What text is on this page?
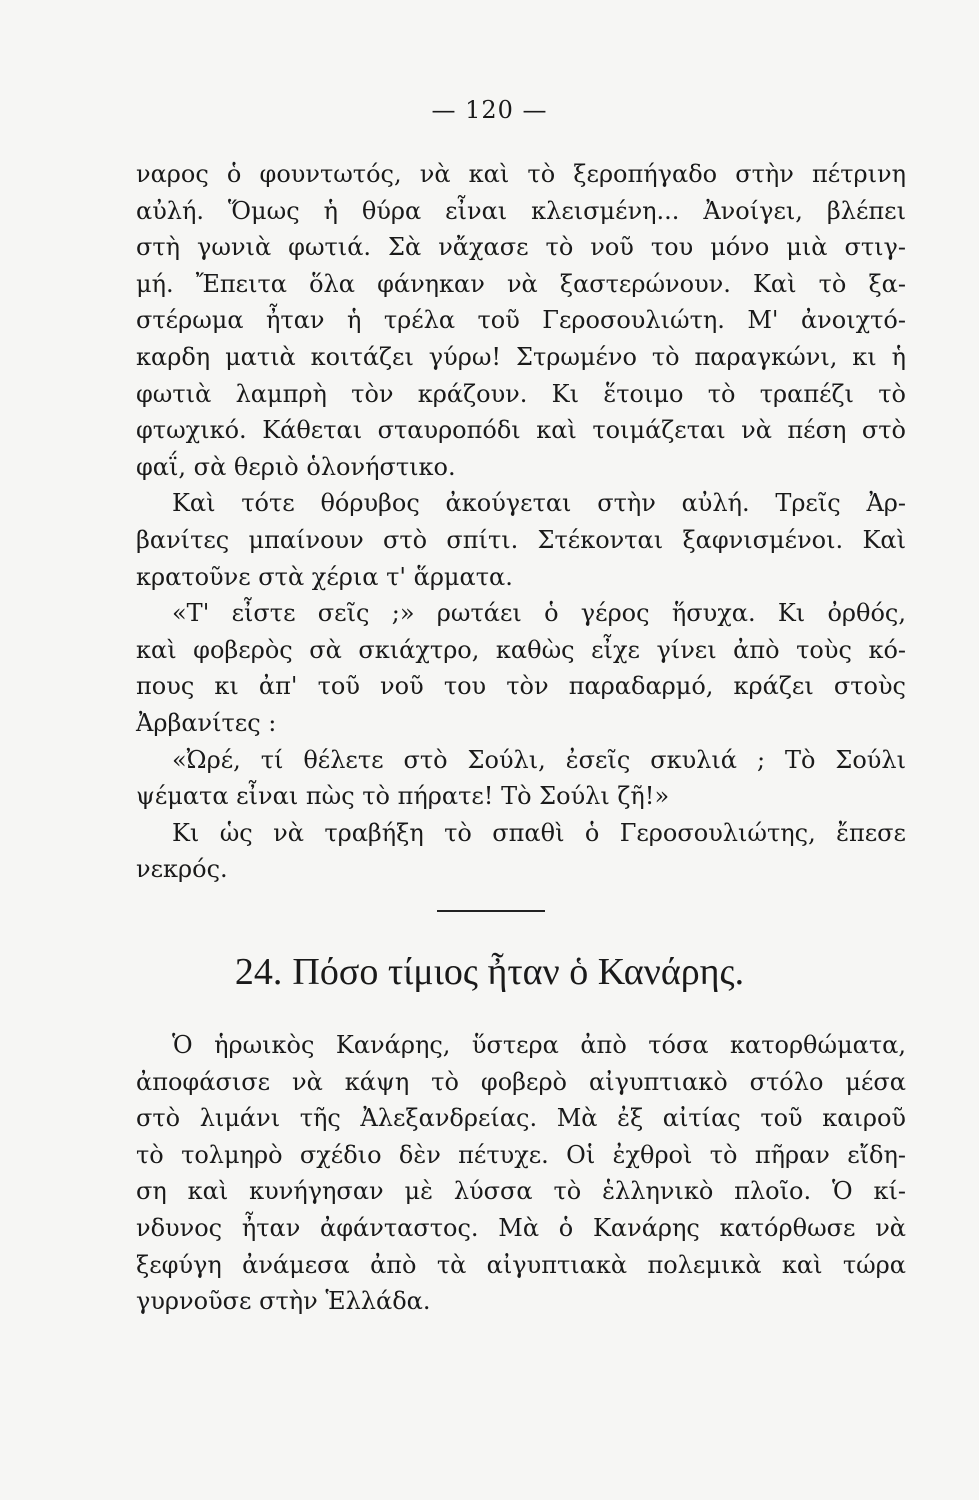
— 120 —
ναρος ὁ φουντωτός, νὰ καὶ τὸ ξεροπήγαδο στὴν πέτρινη
αὐλή. Ὅμως ἡ θύρα εἶναι κλεισμένη... Ἀνοίγει, βλέπει
στὴ γωνιὰ φωτιά. Σὰ νἄχασε τὸ νοῦ του μόνο μιὰ στιγ-
μή. Ἔπειτα ὅλα φάνηκαν νὰ ξαστερώνουν. Καὶ τὸ ξα-
στέρωμα ἦταν ἡ τρέλα τοῦ Γεροσουλιώτη. Μ' ἀνοιχτό-
καρδη ματιὰ κοιτάζει γύρω! Στρωμένο τὸ παραγκώνι, κι ἡ
φωτιὰ λαμπρὴ τὸν κράζουν. Κι ἕτοιμο τὸ τραπέζι τὸ
φτωχικό. Κάθεται σταυροπόδι καὶ τοιμάζεται νὰ πέση στὸ
φαΐ, σὰ θεριὸ ὁλονήστικο.
Καὶ τότε θόρυβος ἀκούγεται στὴν αὐλή. Τρεῖς Ἀρ-
βανίτες μπαίνουν στὸ σπίτι. Στέκονται ξαφνισμένοι. Καὶ
κρατοῦνε στὰ χέρια τ' ἅρματα.
«Τ' εἶστε σεῖς ;» ρωτάει ὁ γέρος ἥσυχα. Κι ὀρθός,
καὶ φοβερὸς σὰ σκιάχτρο, καθὼς εἶχε γίνει ἀπὸ τοὺς κό-
πους κι ἀπ' τοῦ νοῦ του τὸν παραδαρμό, κράζει στοὺς
Ἀρβανίτες :
«Ὠρέ, τί θέλετε στὸ Σούλι, ἐσεῖς σκυλιά ; Τὸ Σούλι
ψέματα εἶναι πὼς τὸ πήρατε! Τὸ Σούλι ζῆ!»
Κι ὡς νὰ τραβήξη τὸ σπαθὶ ὁ Γεροσουλιώτης, ἔπεσε
νεκρός.
24. Πόσο τίμιος ἦταν ὁ Κανάρης.
Ὁ ἡρωικὸς Κανάρης, ὕστερα ἀπὸ τόσα κατορθώματα,
ἀποφάσισε νὰ κάψη τὸ φοβερὸ αἰγυπτιακὸ στόλο μέσα
στὸ λιμάνι τῆς Ἀλεξανδρείας. Μὰ ἐξ αἰτίας τοῦ καιροῦ
τὸ τολμηρὸ σχέδιο δὲν πέτυχε. Οἱ ἐχθροὶ τὸ πῆραν εἴδη-
ση καὶ κυνήγησαν μὲ λύσσα τὸ ἑλληνικὸ πλοῖο. Ὁ κί-
νδυνος ἦταν ἀφάνταστος. Μὰ ὁ Κανάρης κατόρθωσε νὰ
ξεφύγη ἀνάμεσα ἀπὸ τὰ αἰγυπτιακὰ πολεμικὰ καὶ τώρα
γυρνοῦσε στὴν Ἑλλάδα.
